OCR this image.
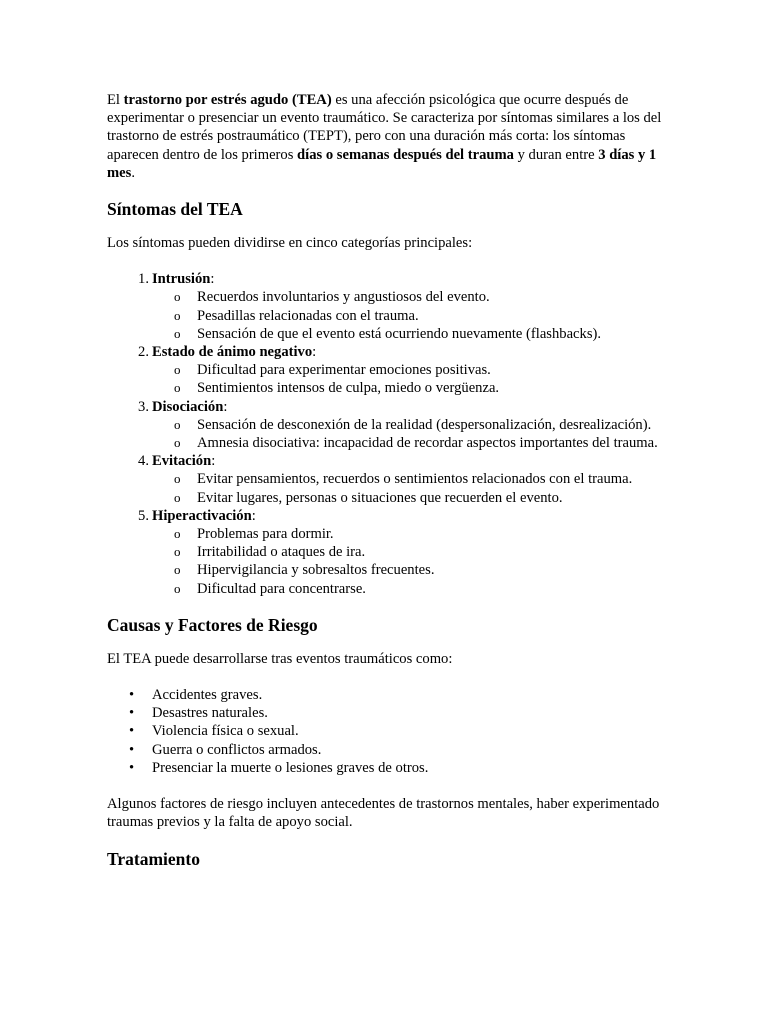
El trastorno por estrés agudo (TEA) es una afección psicológica que ocurre después de experimentar o presenciar un evento traumático. Se caracteriza por síntomas similares a los del trastorno de estrés postraumático (TEPT), pero con una duración más corta: los síntomas aparecen dentro de los primeros días o semanas después del trauma y duran entre 3 días y 1 mes.

Síntomas del TEA

Los síntomas pueden dividirse en cinco categorías principales:

1. Intrusión:
o Recuerdos involuntarios y angustiosos del evento.
o Pesadillas relacionadas con el trauma.
o Sensación de que el evento está ocurriendo nuevamente (flashbacks).
2. Estado de ánimo negativo:
o Dificultad para experimentar emociones positivas.
o Sentimientos intensos de culpa, miedo o vergüenza.
3. Disociación:
o Sensación de desconexión de la realidad (despersonalización, desrealización).
o Amnesia disociativa: incapacidad de recordar aspectos importantes del trauma.
4. Evitación:
o Evitar pensamientos, recuerdos o sentimientos relacionados con el trauma.
o Evitar lugares, personas o situaciones que recuerden el evento.
5. Hiperactivación:
o Problemas para dormir.
o Irritabilidad o ataques de ira.
o Hipervigilancia y sobresaltos frecuentes.
o Dificultad para concentrarse.
Causas y Factores de Riesgo

El TEA puede desarrollarse tras eventos traumáticos como:

• Accidentes graves.
• Desastres naturales.
• Violencia física o sexual.
• Guerra o conflictos armados.
• Presenciar la muerte o lesiones graves de otros.

Algunos factores de riesgo incluyen antecedentes de trastornos mentales, haber experimentado traumas previos y la falta de apoyo social.

Tratamiento
